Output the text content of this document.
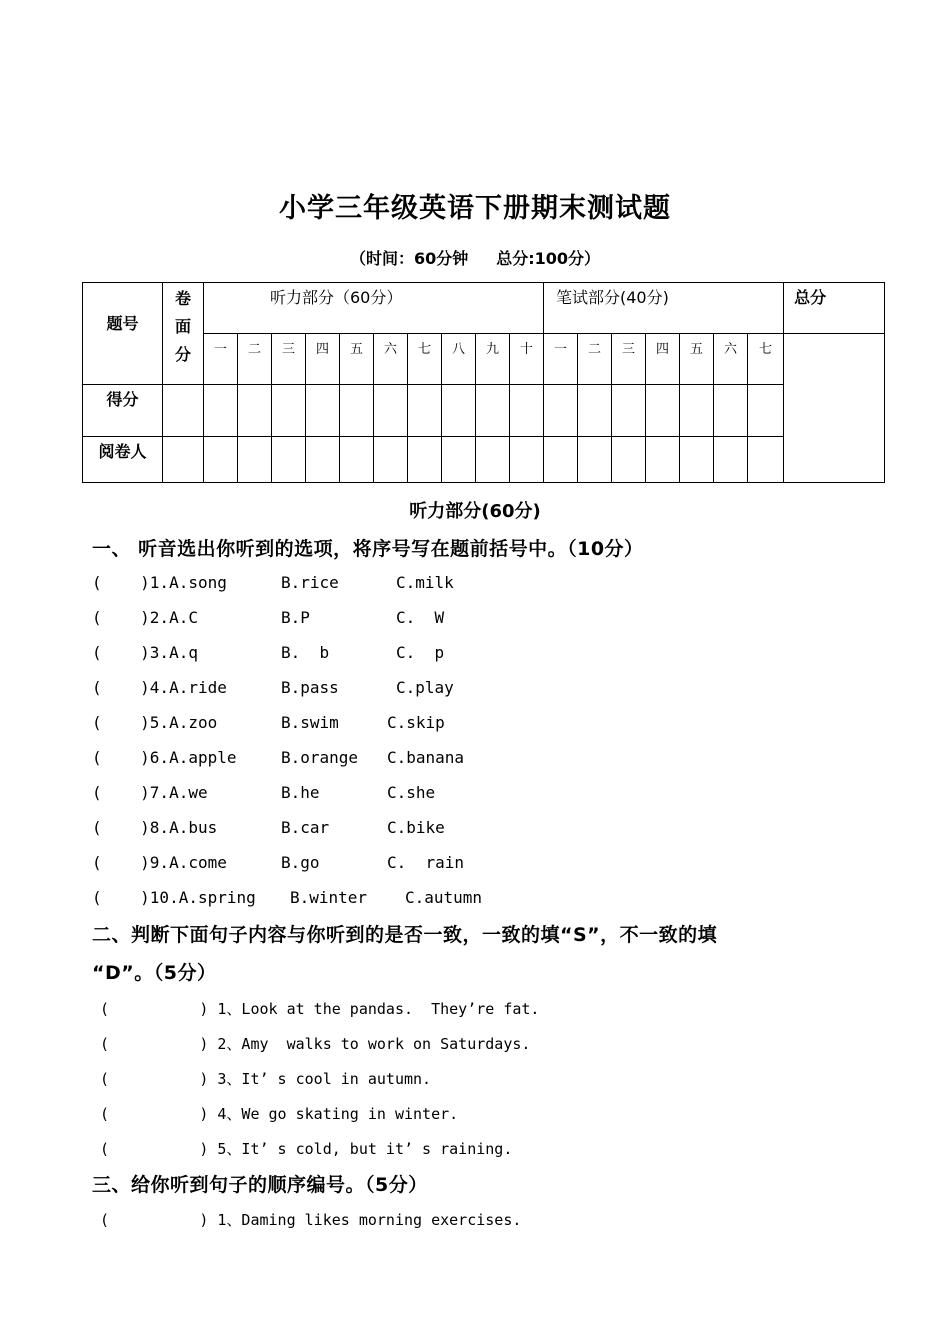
小学三年级英语下册期末测试题
（时间：60分钟 总分:100分）
题号	卷面分	听力部分（60分）										笔试部分(40分)							总分
		一	二	三	四	五	六	七	八	九	十	一	二	三	四	五	六	七	
得分																			
阅卷人																			
听力部分(60分)
一、 听音选出你听到的选项，将序号写在题前括号中。（10分）
(    )1.A.song	B.rice	C.milk
(    )2.A.C	B.P	C.  W
(    )3.A.q	B.  b	C.  p
(    )4.A.ride	B.pass	C.play
(    )5.A.zoo	B.swim	C.skip
(    )6.A.apple	B.orange C.banana
(    )7.A.we	B.he	C.she
(    )8.A.bus	B.car	C.bike
(    )9.A.come	B.go	C.  rain
(    )10.A.spring B.winter C.autumn
二、判断下面句子内容与你听到的是否一致，一致的填“S”，不一致的填
“D”。（5分）
(          ) 1、Look at the pandas.  They’re fat.
(          ) 2、Amy  walks to work on Saturdays.
(          ) 3、It’ s cool in autumn.
(          ) 4、We go skating in winter.
(          ) 5、It’ s cold, but it’ s raining.
三、给你听到句子的顺序编号。（5分）
(          ) 1、Daming likes morning exercises.
